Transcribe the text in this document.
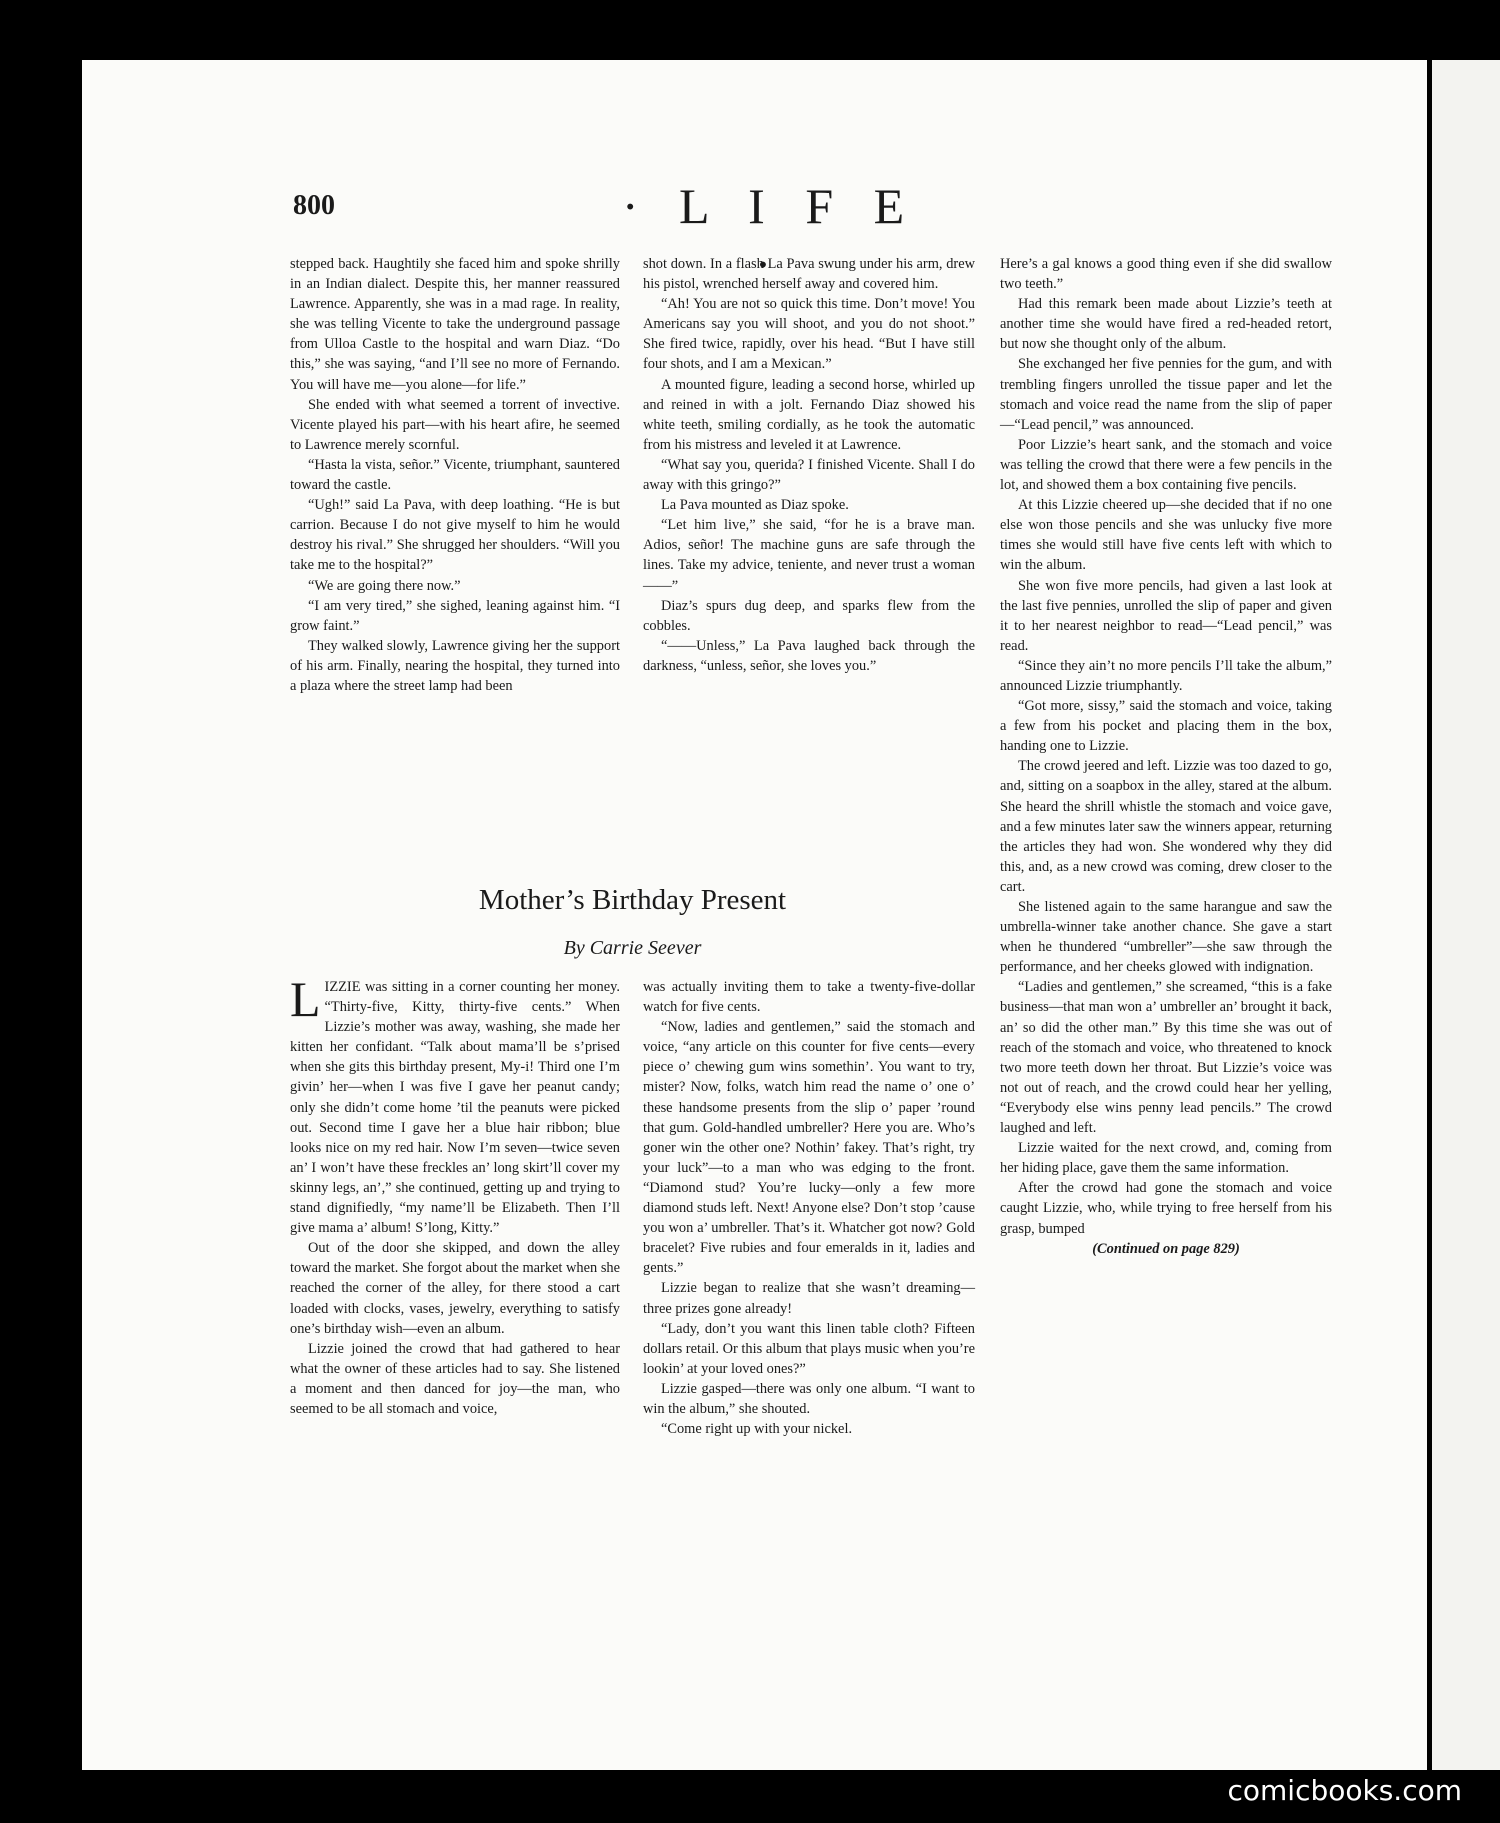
800	· L I F E ·

stepped back. Haughtily she faced him and spoke shrilly in an Indian dialect. Despite this, her manner reassured Lawrence. Apparently, she was in a mad rage. In reality, she was telling Vicente to take the underground passage from Ulloa Castle to the hospital and warn Diaz. “Do this,” she was saying, “and I’ll see no more of Fernando. You will have me—you alone—for life.”

She ended with what seemed a torrent of invective. Vicente played his part—with his heart afire, he seemed to Lawrence merely scornful.

“Hasta la vista, señor.” Vicente, triumphant, sauntered toward the castle.

“Ugh!” said La Pava, with deep loathing. “He is but carrion. Because I do not give myself to him he would destroy his rival.” She shrugged her shoulders. “Will you take me to the hospital?”

“We are going there now.”

“I am very tired,” she sighed, leaning against him. “I grow faint.”

They walked slowly, Lawrence giving her the support of his arm. Finally, nearing the hospital, they turned into a plaza where the street lamp had been

shot down. In a flash La Pava swung under his arm, drew his pistol, wrenched herself away and covered him.

“Ah! You are not so quick this time. Don’t move! You Americans say you will shoot, and you do not shoot.” She fired twice, rapidly, over his head. “But I have still four shots, and I am a Mexican.”

A mounted figure, leading a second horse, whirled up and reined in with a jolt. Fernando Diaz showed his white teeth, smiling cordially, as he took the automatic from his mistress and leveled it at Lawrence.

“What say you, querida? I finished Vicente. Shall I do away with this gringo?”

La Pava mounted as Diaz spoke.

“Let him live,” she said, “for he is a brave man. Adios, señor! The machine guns are safe through the lines. Take my advice, teniente, and never trust a woman——”

Diaz’s spurs dug deep, and sparks flew from the cobbles.

“——Unless,” La Pava laughed back through the darkness, “unless, señor, she loves you.”

Mother’s Birthday Present
By Carrie Seever

LIZZIE was sitting in a corner counting her money. “Thirty-five, Kitty, thirty-five cents.” When Lizzie’s mother was away, washing, she made her kitten her confidant. “Talk about mama’ll be s’prised when she gits this birthday present, My-i! Third one I’m givin’ her—when I was five I gave her peanut candy; only she didn’t come home ’til the peanuts were picked out. Second time I gave her a blue hair ribbon; blue looks nice on my red hair. Now I’m seven—twice seven an’ I won’t have these freckles an’ long skirt’ll cover my skinny legs, an’,” she continued, getting up and trying to stand dignifiedly, “my name’ll be Elizabeth. Then I’ll give mama a’ album! S’long, Kitty.”

Out of the door she skipped, and down the alley toward the market. She forgot about the market when she reached the corner of the alley, for there stood a cart loaded with clocks, vases, jewelry, everything to satisfy one’s birthday wish—even an album.

Lizzie joined the crowd that had gathered to hear what the owner of these articles had to say. She listened a moment and then danced for joy—the man, who seemed to be all stomach and voice,

was actually inviting them to take a twenty-five-dollar watch for five cents.

“Now, ladies and gentlemen,” said the stomach and voice, “any article on this counter for five cents—every piece o’ chewing gum wins somethin’. You want to try, mister? Now, folks, watch him read the name o’ one o’ these handsome presents from the slip o’ paper ’round that gum. Gold-handled umbreller? Here you are. Who’s goner win the other one? Nothin’ fakey. That’s right, try your luck”—to a man who was edging to the front. “Diamond stud? You’re lucky—only a few more diamond studs left. Next! Anyone else? Don’t stop ’cause you won a’ umbreller. That’s it. Whatcher got now? Gold bracelet? Five rubies and four emeralds in it, ladies and gents.”

Lizzie began to realize that she wasn’t dreaming—three prizes gone already!

“Lady, don’t you want this linen table cloth? Fifteen dollars retail. Or this album that plays music when you’re lookin’ at your loved ones?”

Lizzie gasped—there was only one album. “I want to win the album,” she shouted.

“Come right up with your nickel.

Here’s a gal knows a good thing even if she did swallow two teeth.”

Had this remark been made about Lizzie’s teeth at another time she would have fired a red-headed retort, but now she thought only of the album.

She exchanged her five pennies for the gum, and with trembling fingers unrolled the tissue paper and let the stomach and voice read the name from the slip of paper—“Lead pencil,” was announced.

Poor Lizzie’s heart sank, and the stomach and voice was telling the crowd that there were a few pencils in the lot, and showed them a box containing five pencils.

At this Lizzie cheered up—she decided that if no one else won those pencils and she was unlucky five more times she would still have five cents left with which to win the album.

She won five more pencils, had given a last look at the last five pennies, unrolled the slip of paper and given it to her nearest neighbor to read—“Lead pencil,” was read.

“Since they ain’t no more pencils I’ll take the album,” announced Lizzie triumphantly.

“Got more, sissy,” said the stomach and voice, taking a few from his pocket and placing them in the box, handing one to Lizzie.

The crowd jeered and left. Lizzie was too dazed to go, and, sitting on a soapbox in the alley, stared at the album. She heard the shrill whistle the stomach and voice gave, and a few minutes later saw the winners appear, returning the articles they had won. She wondered why they did this, and, as a new crowd was coming, drew closer to the cart.

She listened again to the same harangue and saw the umbrella-winner take another chance. She gave a start when he thundered “umbreller”—she saw through the performance, and her cheeks glowed with indignation.

“Ladies and gentlemen,” she screamed, “this is a fake business—that man won a’ umbreller an’ brought it back, an’ so did the other man.” By this time she was out of reach of the stomach and voice, who threatened to knock two more teeth down her throat. But Lizzie’s voice was not out of reach, and the crowd could hear her yelling, “Everybody else wins penny lead pencils.” The crowd laughed and left.

Lizzie waited for the next crowd, and, coming from her hiding place, gave them the same information.

After the crowd had gone the stomach and voice caught Lizzie, who, while trying to free herself from his grasp, bumped

(Continued on page 829)
comicbooks.com
